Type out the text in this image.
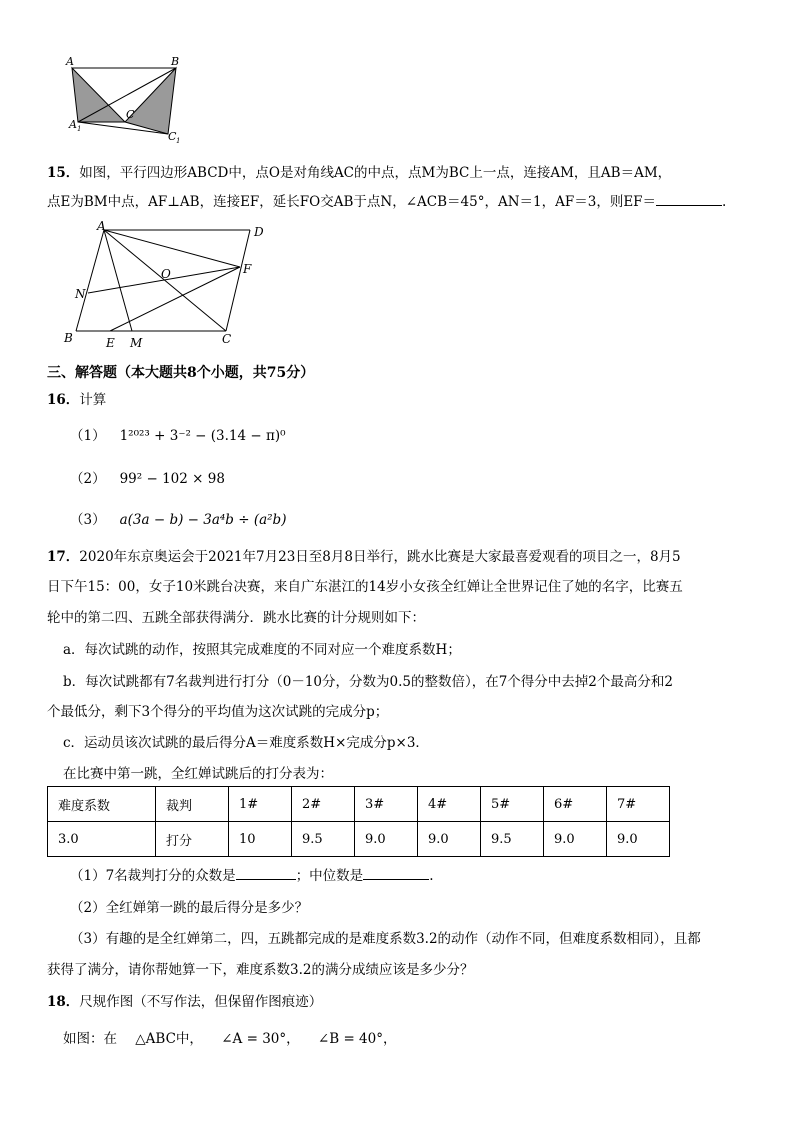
A	B
C
A 1
C 1
15．如图，平行四边形ABCD中，点O是对角线AC的中点，点M为BC上一点，连接AM，且AB＝AM，
点E为BM中点，AF⊥AB，连接EF，延长FO交AB于点N，∠ACB＝45°，AN＝1，AF＝3，则EF＝	.
A	D
O	F
N
B	E M	C
三、解答题（本大题共8个小题，共75分）
16．计算
（1） 1²⁰²³ + 3⁻² − (3.14 − π)⁰
（2） 99² − 102 × 98
（3） a(3a − b) − 3a⁴b ÷ (a²b)
17．2020年东京奥运会于2021年7月23日至8月8日举行，跳水比赛是大家最喜爱观看的项目之一，8月5
日下午15：00，女子10米跳台决赛，来自广东湛江的14岁小女孩全红婵让全世界记住了她的名字，比赛五
轮中的第二四、五跳全部获得满分．跳水比赛的计分规则如下：
a．每次试跳的动作，按照其完成难度的不同对应一个难度系数H；
b．每次试跳都有7名裁判进行打分（0－10分，分数为0.5的整数倍），在7个得分中去掉2个最高分和2
个最低分，剩下3个得分的平均值为这次试跳的完成分p；
c．运动员该次试跳的最后得分A＝难度系数H×完成分p×3．
在比赛中第一跳，全红婵试跳后的打分表为：
难度系数	裁判	1#	2#	3#	4#	5#	6#	7#
3.0	打分	10	9.5	9.0	9.0	9.5	9.0	9.0
（1）7名裁判打分的众数是	；中位数是	.
（2）全红婵第一跳的最后得分是多少？
（3）有趣的是全红婵第二，四，五跳都完成的是难度系数3.2的动作（动作不同，但难度系数相同），且都
获得了满分，请你帮她算一下，难度系数3.2的满分成绩应该是多少分？
18．尺规作图（不写作法，但保留作图痕迹）
如图：在 △ABC中， ∠A = 30°， ∠B = 40°，
